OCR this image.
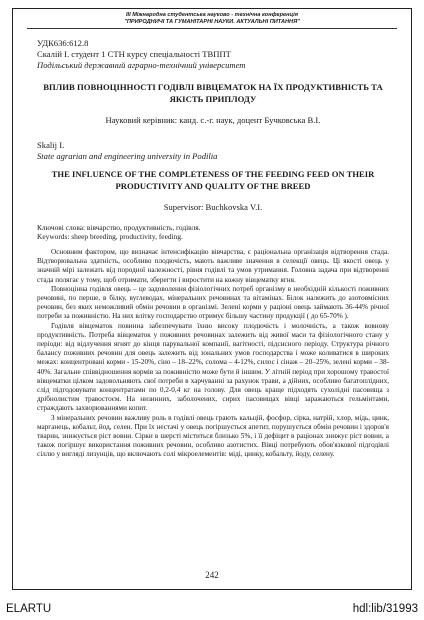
III Міжнародна студентська науково - технічна конференція
"ПРИРОДНИЧІ ТА ГУМАНІТАРНІ НАУКИ. АКТУАЛЬНІ ПИТАННЯ"
УДК636:612.8
Скалій І. студент 1 СТН курсу спеціальності ТВППТ
Подільський державний аграрно-технічний університет
ВПЛИВ ПОВНОЦІННОСТІ ГОДІВЛІ ВІВЦЕМАТОК НА ЇХ ПРОДУКТИВНІСТЬ ТА ЯКІСТЬ ПРИПЛОДУ
Науковий керівник: канд. с.-г. наук, доцент Бучковська В.І.
Skalij I.
State agrarian and engineering university in Podilia
THE INFLUENCE OF THE COMPLETENESS OF THE FEEDING FEED ON THEIR PRODUCTIVITY AND QUALITY OF THE BREED
Supervisor: Buchkovska V.I.
Ключові слова: вівчарство, продуктивність, годівля.
Keywords: sheep breeding, productivity, feeding.

Основним фактором, що визначає інтенсифікацію вівчарства, є раціональна організація відтворення стада. Відтворювальна здатність, особливо плодючість, мають важливе значення в селекції овець. Ці якості овець у значній мірі залежать від породної належності, рівня годівлі та умов утримання. Головна задача при відтворенні стада полягає у тому, щоб отримати, зберегти і виростити на кожну вівцематку ягня.

Повноцінна годівля овець – це задоволення фізіологічних потреб організму в необхідній кількості поживних речовині, по перше, в білку, вуглеводах, мінеральних речовинах та вітамінах. Білок належить до азотовмісних речовин, без яких неможливий обмін речовин в організмі. Зелені корми у раціоні овець займають 36-44% річної потреби за поживністю. На них влітку господарство отримує більшу частину продукції ( до 65-70% ).

Годівля вівцематок повинна забезпечувати їхню високу плодючість і молочність, а також вовнову продуктивність. Потреба вівцематок у поживних речовинах залежить від живої маси та фізіологічного стану у періоди: від відлучення ягнят до кінця парувальної компанії, вагітності, підсисного періоду. Структура річного балансу поживних речовин для овець залежить від зональних умов господарства і може коливатися в широких межах: концентровані корми - 15-20%, сіно – 18–22%, солома – 4-12%, силос і сінаж – 20–25%, зелені корми – 38-40%. Загальне співвідношення кормів за поживністю може бути й іншим. У літній період при хорошому травостої вівцематки цілком задовольняють свої потреби в харчуванні за рахунок трави, а дійних, особливо багатоплідних, слід підгодовувати концентратами по 0,2-0,4 кг на голову. Для овець краще підходять сухолідні пасовища з дрібнолистим травостоєм. На низинних, заболочених, сирих пасовищах вівці заражаються гельмінтами, страждають захворюваннями копит.

З мінеральних речовин важливу роль в годівлі овець грають кальцій, фосфор, сірка, натрій, хлор, мідь, цинк, марганець, кобальт, йод, селен. При їх нестачі у овець погіршується апетит, порушується обмін речовин і здоров'я тварин, знижується ріст вовни. Сірки в шерсті міститься близько 5%, і її дефіцит в раціонах знижує ріст вовни, а також погіршує використання поживних речовин, особливо азотистих. Вівці потребують обов'язкової підгодівлі сіллю у вигляді лизунців, що включають солі мікроелементів: міді, цинку, кобальту, йоду, селену.

242
ELARTU	hdl:lib/31993
